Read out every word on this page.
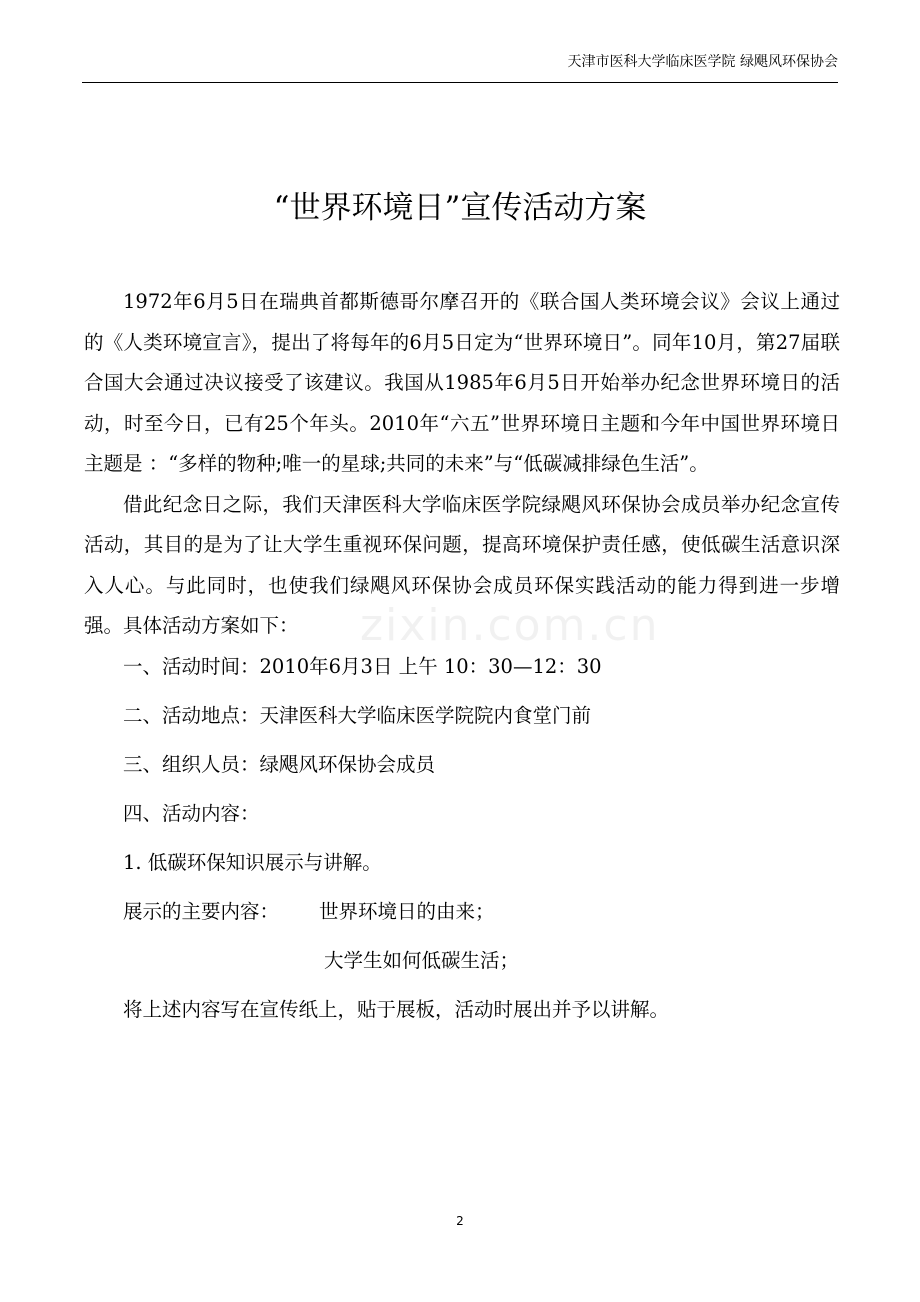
天津市医科大学临床医学院 绿飓风环保协会
“世界环境日”宣传活动方案
zixin.com.cn

1972年6月5日在瑞典首都斯德哥尔摩召开的《联合国人类环境会议》会议上通过的《人类环境宣言》，提出了将每年的6月5日定为“世界环境日”。同年10月，第27届联合国大会通过决议接受了该建议。我国从1985年6月5日开始举办纪念世界环境日的活动，时至今日，已有25个年头。2010年“六五”世界环境日主题和今年中国世界环境日主题是 ：“多样的物种;唯一的星球;共同的未来”与“低碳减排绿色生活”。

借此纪念日之际，我们天津医科大学临床医学院绿飓风环保协会成员举办纪念宣传活动，其目的是为了让大学生重视环保问题，提高环境保护责任感，使低碳生活意识深入人心。与此同时，也使我们绿飓风环保协会成员环保实践活动的能力得到进一步增强。具体活动方案如下：

一、活动时间：2010年6月3日 上午 10：30—12：30
二、活动地点：天津医科大学临床医学院院内食堂门前
三、组织人员：绿飓风环保协会成员
四、活动内容：
1. 低碳环保知识展示与讲解。
展示的主要内容： 世界环境日的由来；
大学生如何低碳生活；
将上述内容写在宣传纸上，贴于展板，活动时展出并予以讲解。
2
